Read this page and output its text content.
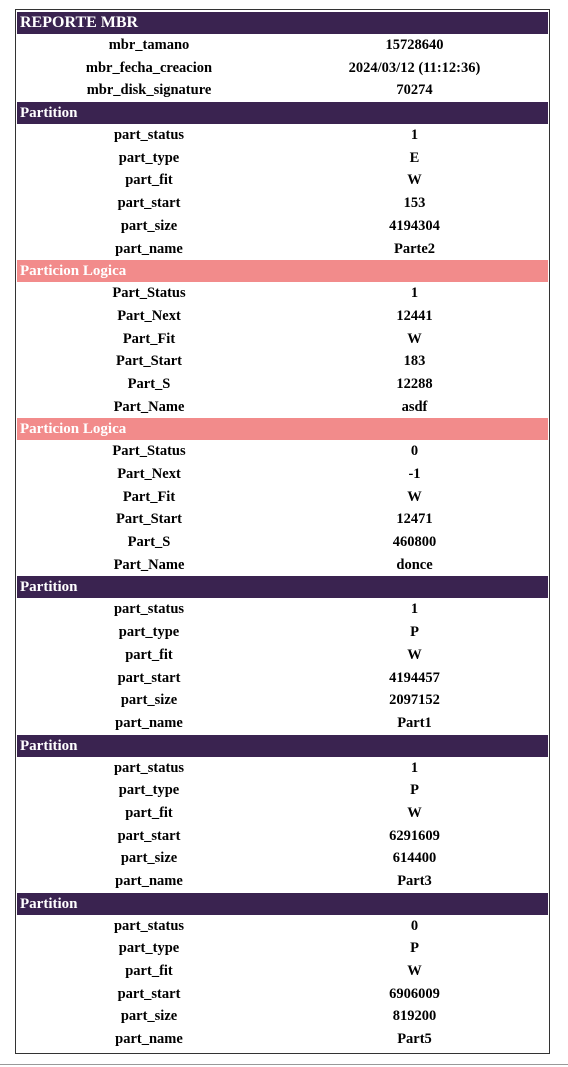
REPORTE MBR
mbr_tamano	15728640
mbr_fecha_creacion	2024/03/12 (11:12:36)
mbr_disk_signature	70274
Partition
part_status	1
part_type	E
part_fit	W
part_start	153
part_size	4194304
part_name	Parte2
Particion Logica
Part_Status	1
Part_Next	12441
Part_Fit	W
Part_Start	183
Part_S	12288
Part_Name	asdf
Particion Logica
Part_Status	0
Part_Next	-1
Part_Fit	W
Part_Start	12471
Part_S	460800
Part_Name	donce
Partition
part_status	1
part_type	P
part_fit	W
part_start	4194457
part_size	2097152
part_name	Part1
Partition
part_status	1
part_type	P
part_fit	W
part_start	6291609
part_size	614400
part_name	Part3
Partition
part_status	0
part_type	P
part_fit	W
part_start	6906009
part_size	819200
part_name	Part5
